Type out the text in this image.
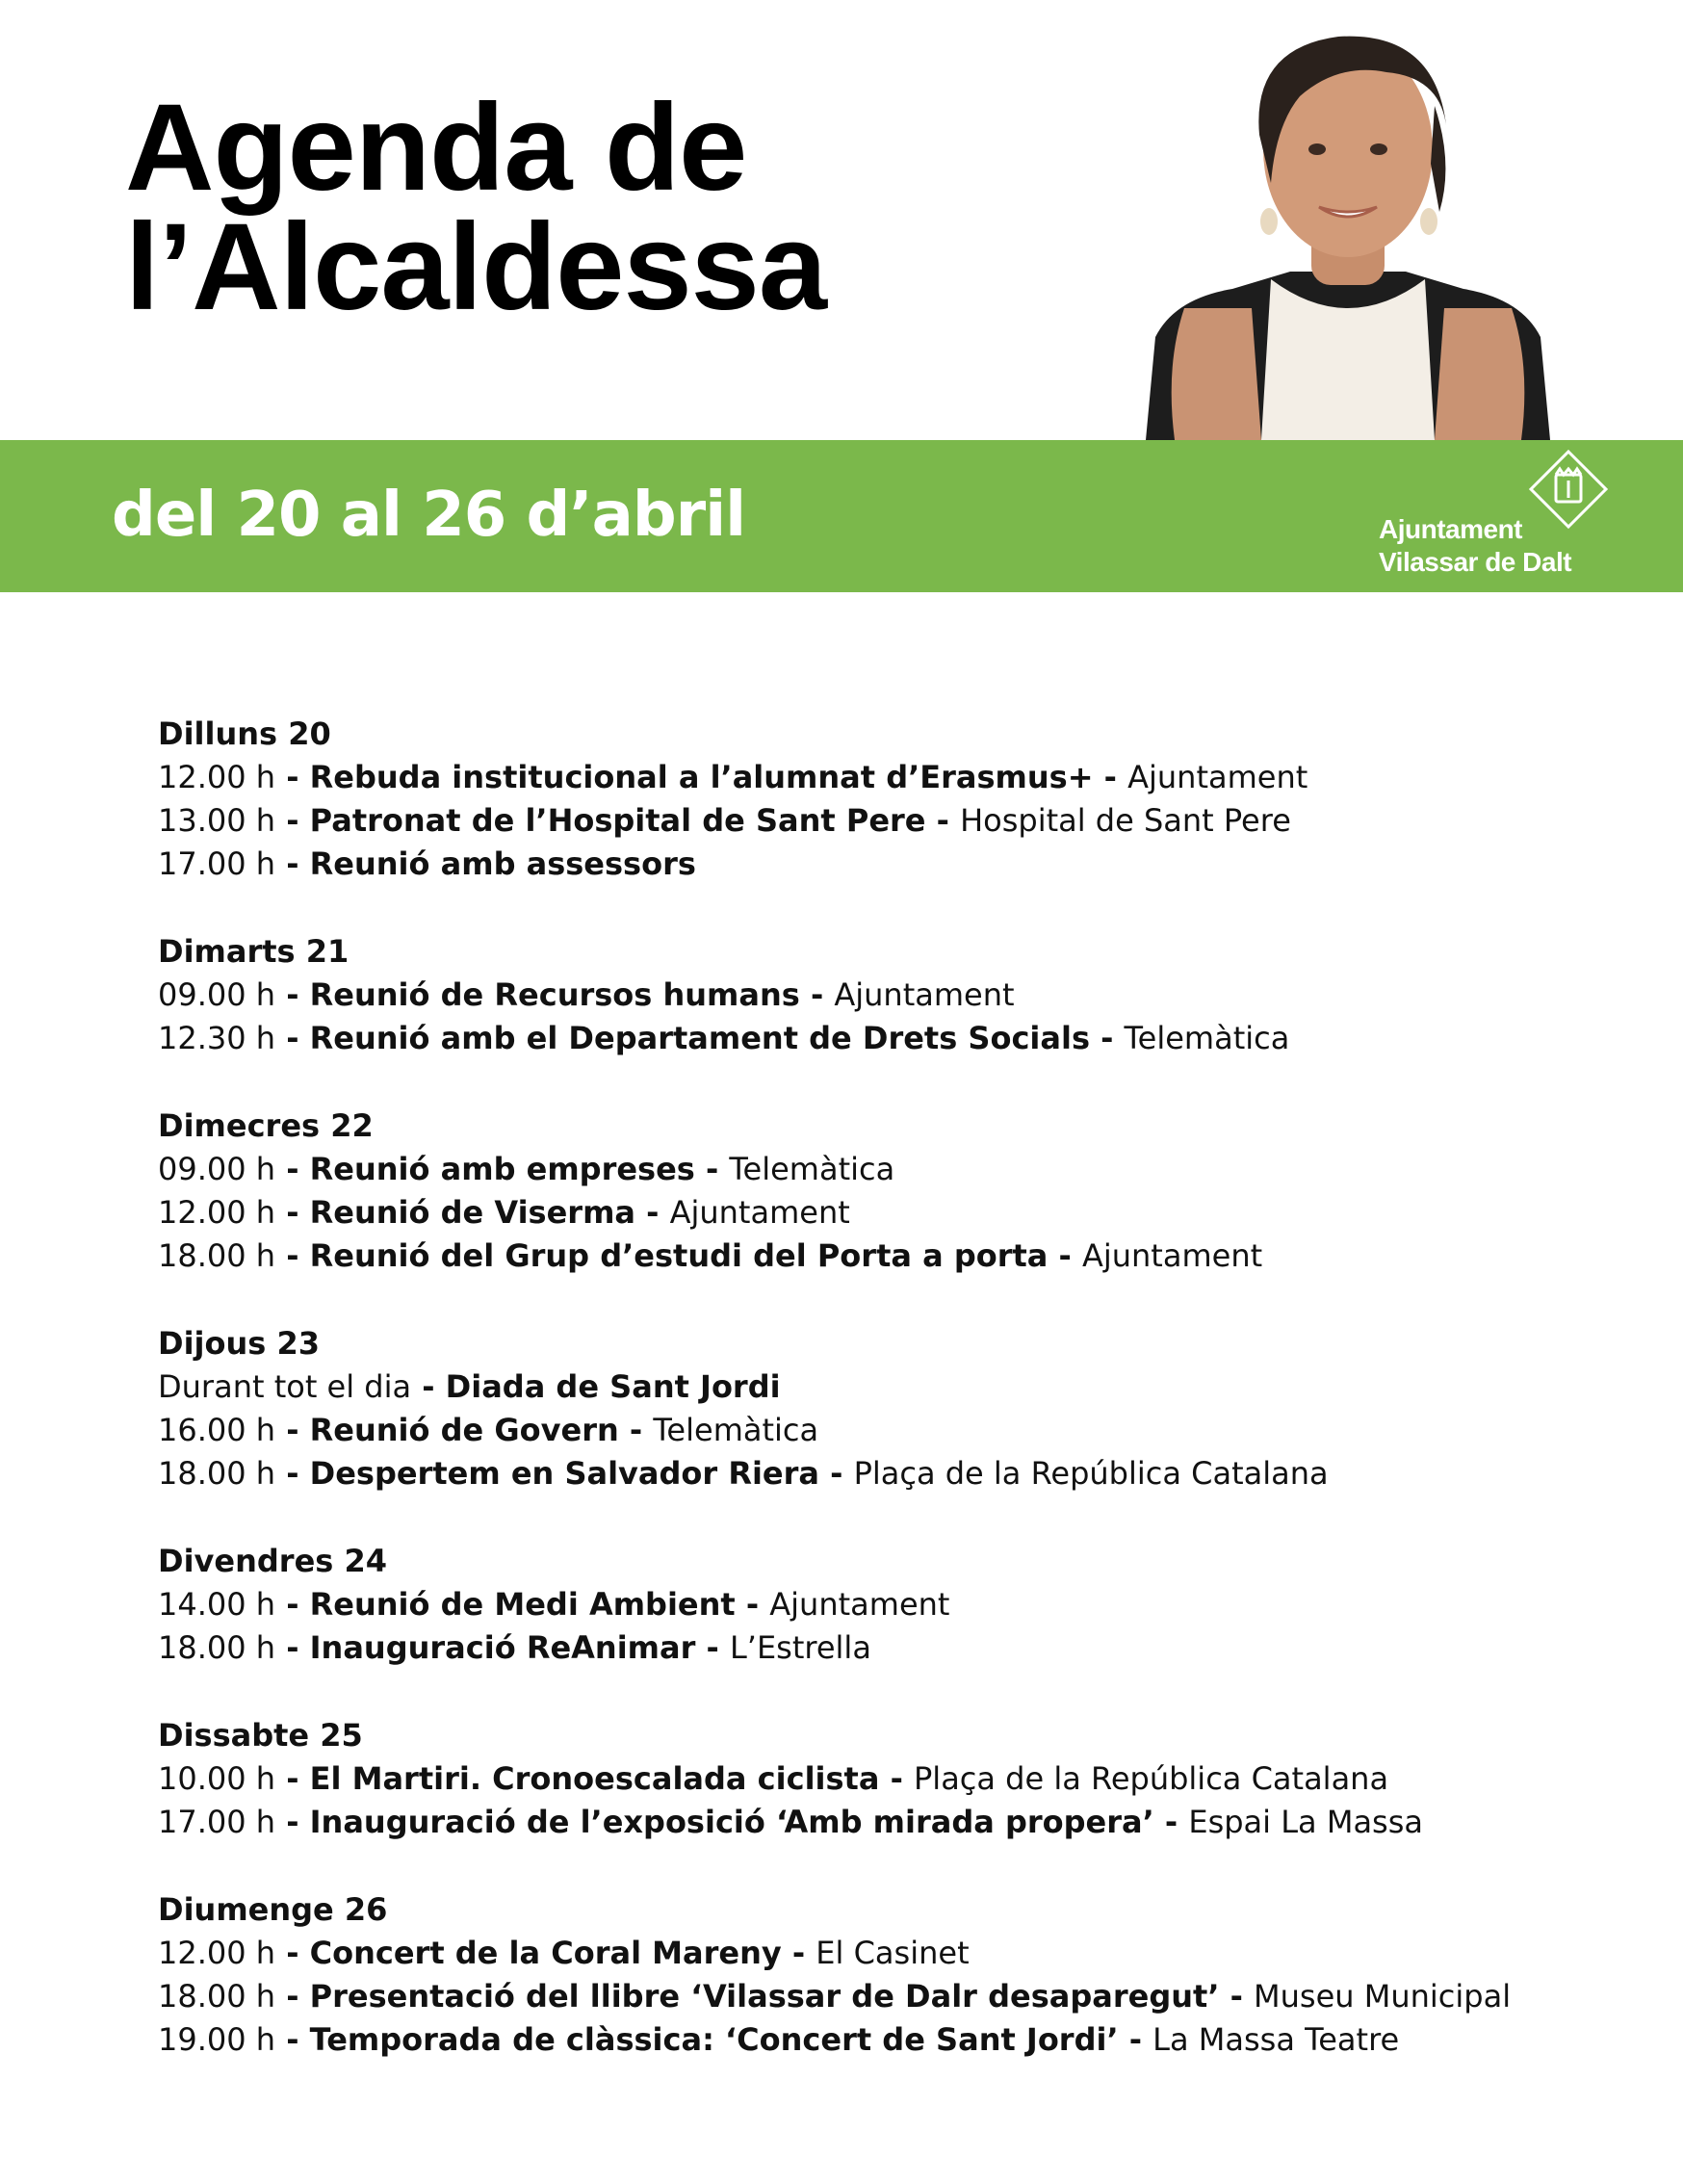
Agenda de
l’Alcaldessa
del 20 al 26 d’abril	Ajuntament
Vilassar de Dalt
Dilluns 20
12.00 h - Rebuda institucional a l’alumnat d’Erasmus+ - Ajuntament
13.00 h - Patronat de l’Hospital de Sant Pere - Hospital de Sant Pere
17.00 h - Reunió amb assessors
Dimarts 21
09.00 h - Reunió de Recursos humans - Ajuntament
12.30 h - Reunió amb el Departament de Drets Socials - Telemàtica
Dimecres 22
09.00 h - Reunió amb empreses - Telemàtica
12.00 h - Reunió de Viserma - Ajuntament
18.00 h - Reunió del Grup d’estudi del Porta a porta - Ajuntament
Dijous 23
Durant tot el dia - Diada de Sant Jordi
16.00 h - Reunió de Govern - Telemàtica
18.00 h - Despertem en Salvador Riera - Plaça de la República Catalana
Divendres 24
14.00 h - Reunió de Medi Ambient - Ajuntament
18.00 h - Inauguració ReAnimar - L’Estrella
Dissabte 25
10.00 h - El Martiri. Cronoescalada ciclista - Plaça de la República Catalana
17.00 h - Inauguració de l’exposició ‘Amb mirada propera’ - Espai La Massa
Diumenge 26
12.00 h - Concert de la Coral Mareny - El Casinet
18.00 h - Presentació del llibre ‘Vilassar de Dalr desaparegut’ - Museu Municipal
19.00 h - Temporada de clàssica: ‘Concert de Sant Jordi’ - La Massa Teatre
